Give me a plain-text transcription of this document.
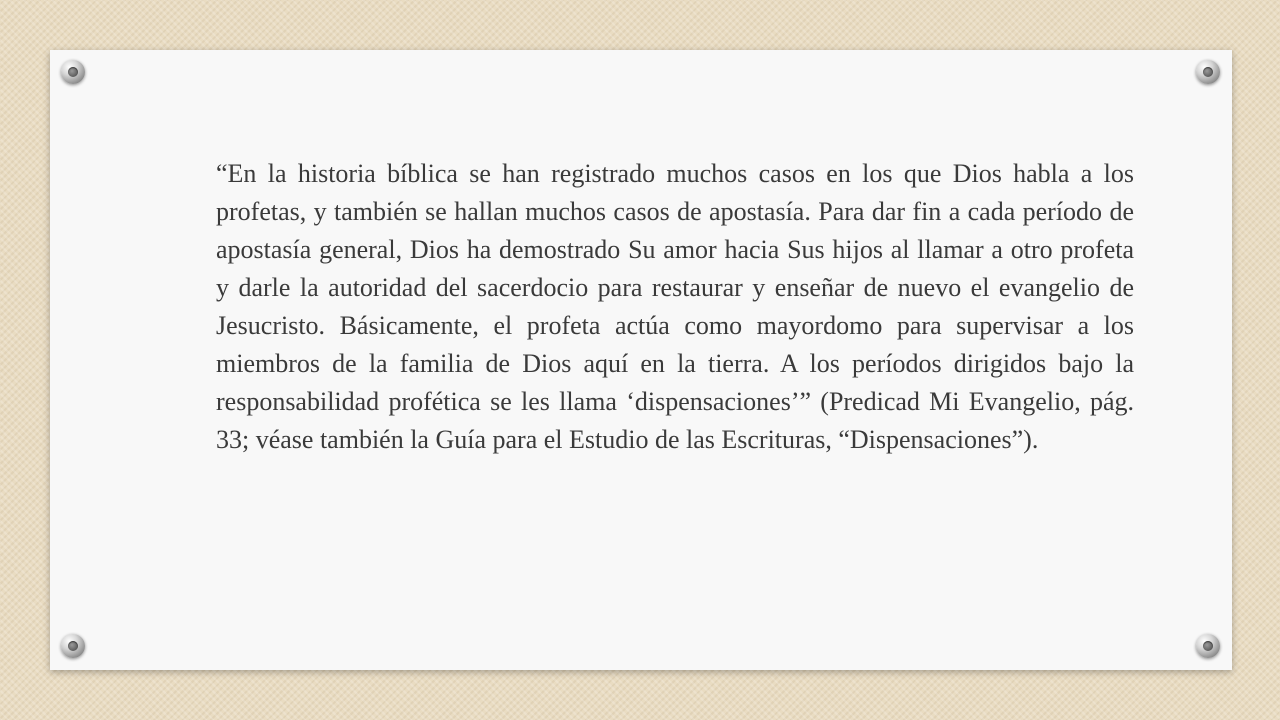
“En la historia bíblica se han registrado muchos casos en los que Dios habla a los profetas, y también se hallan muchos casos de apostasía. Para dar fin a cada período de apostasía general, Dios ha demostrado Su amor hacia Sus hijos al llamar a otro profeta y darle la autoridad del sacerdocio para restaurar y enseñar de nuevo el evangelio de Jesucristo. Básicamente, el profeta actúa como mayordomo para supervisar a los miembros de la familia de Dios aquí en la tierra. A los períodos dirigidos bajo la responsabilidad profética se les llama ‘dispensaciones’” (Predicad Mi Evangelio, pág. 33; véase también la Guía para el Estudio de las Escrituras, “Dispensaciones”).
